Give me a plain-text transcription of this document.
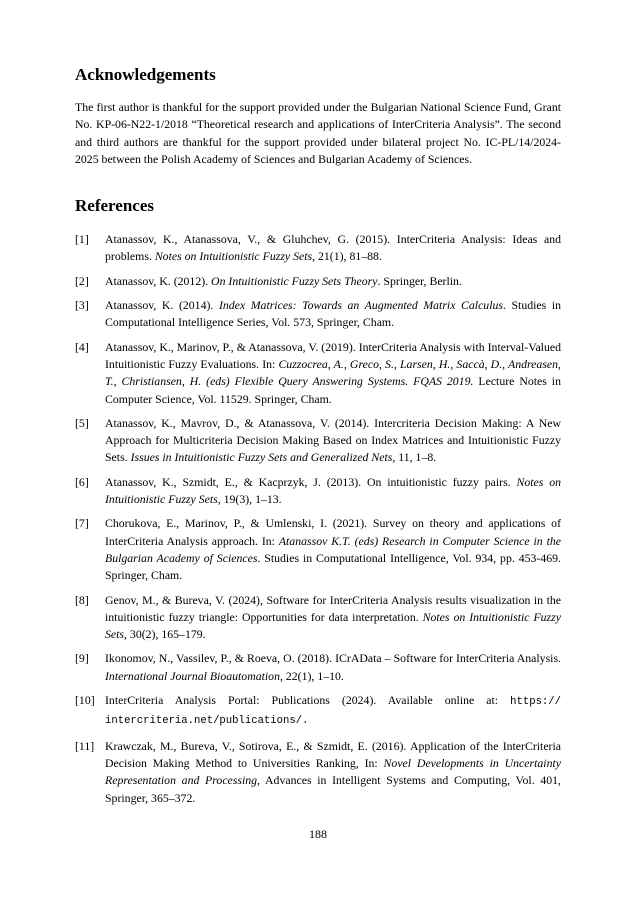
Acknowledgements

The first author is thankful for the support provided under the Bulgarian National Science Fund, Grant No. KP-06-N22-1/2018 “Theoretical research and applications of InterCriteria Analysis”. The second and third authors are thankful for the support provided under bilateral project No. IC-PL/14/2024-2025 between the Polish Academy of Sciences and Bulgarian Academy of Sciences.

References
[1]	Atanassov, K., Atanassova, V., & Gluhchev, G. (2015). InterCriteria Analysis: Ideas and problems. Notes on Intuitionistic Fuzzy Sets, 21(1), 81–88.
[2]	Atanassov, K. (2012). On Intuitionistic Fuzzy Sets Theory. Springer, Berlin.
[3]	Atanassov, K. (2014). Index Matrices: Towards an Augmented Matrix Calculus. Studies in Computational Intelligence Series, Vol. 573, Springer, Cham.
[4]	Atanassov, K., Marinov, P., & Atanassova, V. (2019). InterCriteria Analysis with Interval-Valued Intuitionistic Fuzzy Evaluations. In: Cuzzocrea, A., Greco, S., Larsen, H., Saccà, D., Andreasen, T., Christiansen, H. (eds) Flexible Query Answering Systems. FQAS 2019. Lecture Notes in Computer Science, Vol. 11529. Springer, Cham.
[5]	Atanassov, K., Mavrov, D., & Atanassova, V. (2014). Intercriteria Decision Making: A New Approach for Multicriteria Decision Making Based on Index Matrices and Intuitionistic Fuzzy Sets. Issues in Intuitionistic Fuzzy Sets and Generalized Nets, 11, 1–8.
[6]	Atanassov, K., Szmidt, E., & Kacprzyk, J. (2013). On intuitionistic fuzzy pairs. Notes on Intuitionistic Fuzzy Sets, 19(3), 1–13.
[7]	Chorukova, E., Marinov, P., & Umlenski, I. (2021). Survey on theory and applications of InterCriteria Analysis approach. In: Atanassov K.T. (eds) Research in Computer Science in the Bulgarian Academy of Sciences. Studies in Computational Intelligence, Vol. 934, pp. 453-469. Springer, Cham.
[8]	Genov, M., & Bureva, V. (2024), Software for InterCriteria Analysis results visualization in the intuitionistic fuzzy triangle: Opportunities for data interpretation. Notes on Intuitionistic Fuzzy Sets, 30(2), 165–179.
[9]	Ikonomov, N., Vassilev, P., & Roeva, O. (2018). ICrAData – Software for InterCriteria Analysis. International Journal Bioautomation, 22(1), 1–10.
[10] InterCriteria Analysis Portal: Publications (2024). Available online at: https://intercriteria.net/publications/.
[11] Krawczak, M., Bureva, V., Sotirova, E., & Szmidt, E. (2016). Application of the InterCriteria Decision Making Method to Universities Ranking, In: Novel Developments in Uncertainty Representation and Processing, Advances in Intelligent Systems and Computing, Vol. 401, Springer, 365–372.
188
